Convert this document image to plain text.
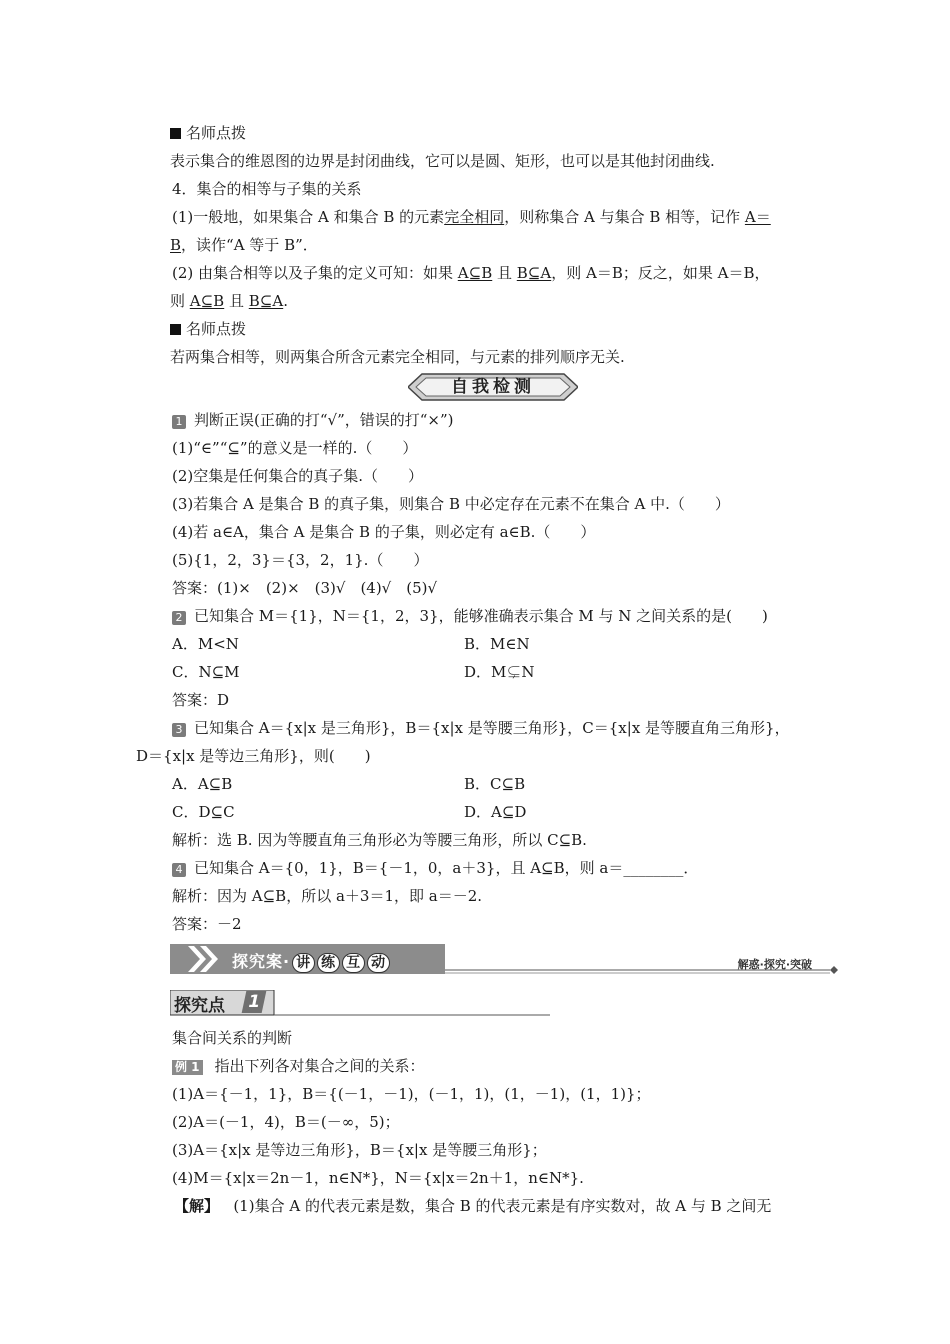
名师点拨
表示集合的维恩图的边界是封闭曲线，它可以是圆、矩形，也可以是其他封闭曲线.
4．集合的相等与子集的关系
(1)一般地，如果集合 A 和集合 B 的元素完全相同，则称集合 A 与集合 B 相等，记作 A＝
B，读作“A 等于 B”．
(2) 由集合相等以及子集的定义可知：如果 A⊆B 且 B⊆A，则 A＝B；反之，如果 A＝B，
则 A⊆B 且 B⊆A.
名师点拨
若两集合相等，则两集合所含元素完全相同，与元素的排列顺序无关.
自我检测
1 判断正误(正确的打“√”，错误的打“×”)
(1)“∈”“⊆”的意义是一样的.（　　）
(2)空集是任何集合的真子集.（　　）
(3)若集合 A 是集合 B 的真子集，则集合 B 中必定存在元素不在集合 A 中.（　　）
(4)若 a∈A，集合 A 是集合 B 的子集，则必定有 a∈B.（　　）
(5){1，2，3}＝{3，2，1}.（　　）
答案：(1)×　(2)×　(3)√　(4)√　(5)√
2 已知集合 M＝{1}，N＝{1，2，3}，能够准确表示集合 M 与 N 之间关系的是(　　)
A．M<N	B．M∈N
C．N⊆M	D．M⊊N
答案：D
3 已知集合 A＝{x|x 是三角形}，B＝{x|x 是等腰三角形}，C＝{x|x 是等腰直角三角形}，
D＝{x|x 是等边三角形}，则(　　)
A．A⊆B	B．C⊆B
C．D⊆C	D．A⊆D
解析：选 B. 因为等腰直角三角形必为等腰三角形，所以 C⊆B.
4 已知集合 A＝{0，1}，B＝{－1，0，a＋3}，且 A⊆B，则 a＝________．
解析：因为 A⊆B，所以 a＋3＝1，即 a＝－2.
答案：－2
探究案· 讲 练 互 动	解惑·探究·突破
探究点 1
集合间关系的判断
例 1 指出下列各对集合之间的关系：
(1)A＝{－1，1}，B＝{(－1，－1)，(－1，1)，(1，－1)，(1，1)}；
(2)A＝(－1，4)，B＝(－∞，5)；
(3)A＝{x|x 是等边三角形}，B＝{x|x 是等腰三角形}；
(4)M＝{x|x＝2n－1，n∈N*}，N＝{x|x＝2n＋1，n∈N*}.
【解】 (1)集合 A 的代表元素是数，集合 B 的代表元素是有序实数对，故 A 与 B 之间无
